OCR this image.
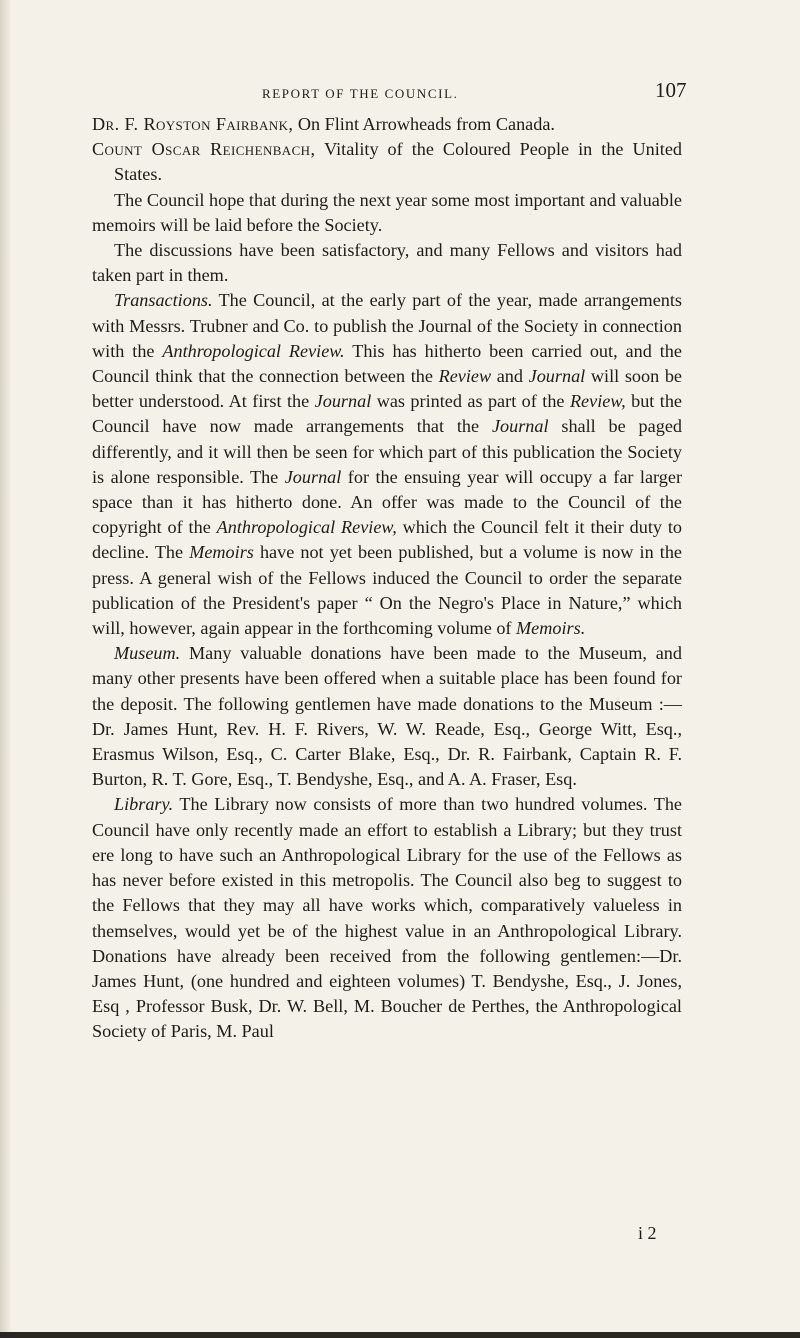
REPORT OF THE COUNCIL.	107

Dr. F. Royston Fairbank, On Flint Arrowheads from Canada.

Count Oscar Reichenbach, Vitality of the Coloured People in the United States.

The Council hope that during the next year some most important and valuable memoirs will be laid before the Society.

The discussions have been satisfactory, and many Fellows and visitors had taken part in them.

Transactions. The Council, at the early part of the year, made arrangements with Messrs. Trubner and Co. to publish the Journal of the Society in connection with the Anthropological Review. This has hitherto been carried out, and the Council think that the connection between the Review and Journal will soon be better understood. At first the Journal was printed as part of the Review, but the Council have now made arrangements that the Journal shall be paged differently, and it will then be seen for which part of this publication the Society is alone responsible. The Journal for the ensuing year will occupy a far larger space than it has hitherto done. An offer was made to the Council of the copyright of the Anthropological Review, which the Council felt it their duty to decline. The Memoirs have not yet been published, but a volume is now in the press. A general wish of the Fellows induced the Council to order the separate publication of the President's paper “ On the Negro's Place in Nature,” which will, however, again appear in the forthcoming volume of Memoirs.

Museum. Many valuable donations have been made to the Museum, and many other presents have been offered when a suitable place has been found for the deposit. The following gentlemen have made donations to the Museum :—Dr. James Hunt, Rev. H. F. Rivers, W. W. Reade, Esq., George Witt, Esq., Erasmus Wilson, Esq., C. Carter Blake, Esq., Dr. R. Fairbank, Captain R. F. Burton, R. T. Gore, Esq., T. Bendyshe, Esq., and A. A. Fraser, Esq.

Library. The Library now consists of more than two hundred volumes. The Council have only recently made an effort to establish a Library; but they trust ere long to have such an Anthropological Library for the use of the Fellows as has never before existed in this metropolis. The Council also beg to suggest to the Fellows that they may all have works which, comparatively valueless in themselves, would yet be of the highest value in an Anthropological Library. Donations have already been received from the following gentlemen:—Dr. James Hunt, (one hundred and eighteen volumes) T. Bendyshe, Esq., J. Jones, Esq , Professor Busk, Dr. W. Bell, M. Boucher de Perthes, the Anthropological Society of Paris, M. Paul

i 2
